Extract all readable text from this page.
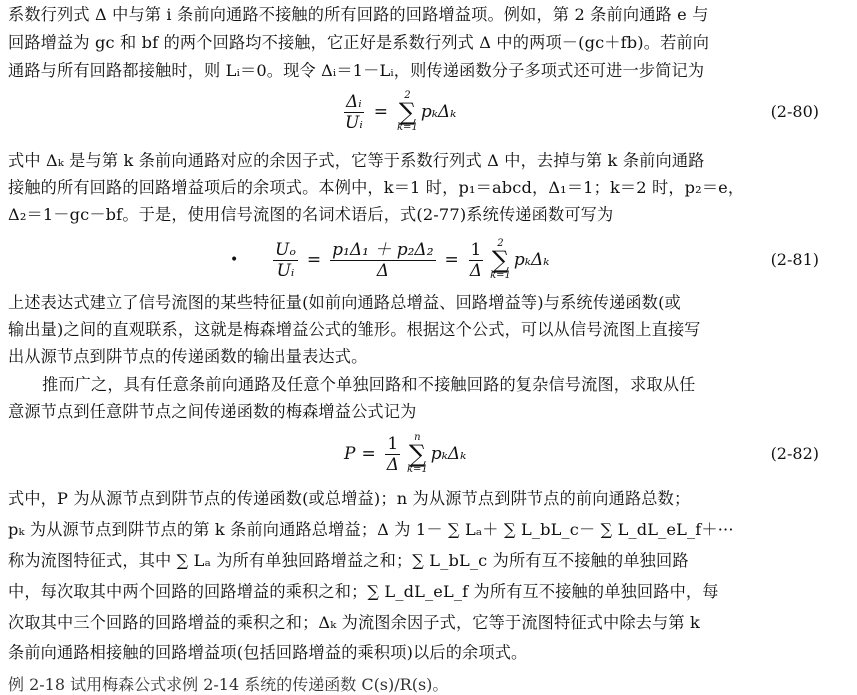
系数行列式 Δ 中与第 i 条前向通路不接触的所有回路的回路增益项。例如，第 2 条前向通路 e 与
回路增益为 gc 和 bf 的两个回路均不接触，它正好是系数行列式 Δ 中的两项－(gc＋fb)。若前向
通路与所有回路都接触时，则 Lᵢ＝0。现令 Δᵢ＝1－Lᵢ，则传递函数分子多项式还可进一步简记为
$\frac{\text{Δᵢ}}{\text{Uᵢ}}$ =
2
∑
k=1
pₖΔₖ	(2-80)
式中 Δₖ 是与第 k 条前向通路对应的余因子式，它等于系数行列式 Δ 中，去掉与第 k 条前向通路
接触的所有回路的回路增益项后的余项式。本例中，k＝1 时，p₁＝abcd，Δ₁＝1；k＝2 时，p₂＝e，
Δ₂＝1－gc－bf。于是，使用信号流图的名词术语后，式(2-77)系统传递函数可写为
• $\frac{\text{Uₒ}}{\text{Uᵢ}} = \frac{\text{p₁Δ₁ ＋ p₂Δ₂}}{\Delta} = \frac{1}{\Delta} 2$
∑
k=1
pₖΔₖ	(2-81)
上述表达式建立了信号流图的某些特征量(如前向通路总增益、回路增益等)与系统传递函数(或
输出量)之间的直观联系，这就是梅森增益公式的雏形。根据这个公式，可以从信号流图上直接写
出从源节点到阱节点的传递函数的输出量表达式。
推而广之，具有任意条前向通路及任意个单独回路和不接触回路的复杂信号流图，求取从任
意源节点到任意阱节点之间传递函数的梅森增益公式记为
$P = \frac{1}{\Delta}$ n
∑
k=1
pₖΔₖ	(2-82)
式中，P 为从源节点到阱节点的传递函数(或总增益)；n 为从源节点到阱节点的前向通路总数；
pₖ 为从源节点到阱节点的第 k 条前向通路总增益；Δ 为 1－ ∑ Lₐ＋ ∑ L_bL_c－ ∑ L_dL_eL_f＋···
称为流图特征式，其中 ∑ Lₐ 为所有单独回路增益之和；∑ L_bL_c 为所有互不接触的单独回路
中，每次取其中两个回路的回路增益的乘积之和；∑ L_dL_eL_f 为所有互不接触的单独回路中，每
次取其中三个回路的回路增益的乘积之和；Δₖ 为流图余因子式，它等于流图特征式中除去与第 k
条前向通路相接触的回路增益项(包括回路增益的乘积项)以后的余项式。
例 2-18 试用梅森公式求例 2-14 系统的传递函数 C(s)/R(s)。
